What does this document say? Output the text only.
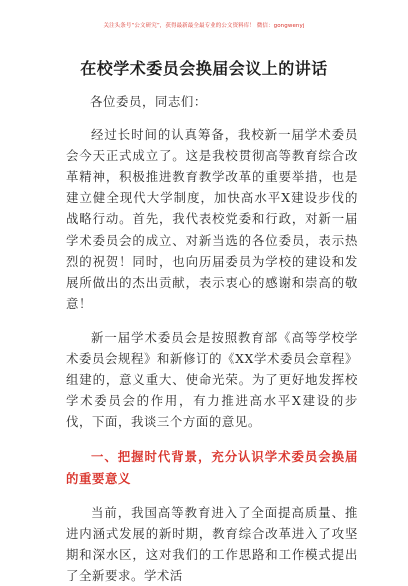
关注头条号“公文研究”，获得最新最全最专业的公文资料库！ 微信：gongwenyj
在校学术委员会换届会议上的讲话

各位委员，同志们：

经过长时间的认真筹备，我校新一届学术委员会今天正式成立了。这是我校贯彻高等教育综合改革精神，积极推进教育教学改革的重要举措，也是建立健全现代大学制度，加快高水平X建设步伐的战略行动。首先，我代表校党委和行政，对新一届学术委员会的成立、对新当选的各位委员，表示热烈的祝贺！同时，也向历届委员为学校的建设和发展所做出的杰出贡献，表示衷心的感谢和崇高的敬意！

新一届学术委员会是按照教育部《高等学校学术委员会规程》和新修订的《XX学术委员会章程》组建的，意义重大、使命光荣。为了更好地发挥校学术委员会的作用，有力推进高水平X建设的步伐，下面，我谈三个方面的意见。

一、把握时代背景，充分认识学术委员会换届的重要意义

当前，我国高等教育进入了全面提高质量、推进内涵式发展的新时期，教育综合改革进入了攻坚期和深水区，这对我们的工作思路和工作模式提出了全新要求。学术活
